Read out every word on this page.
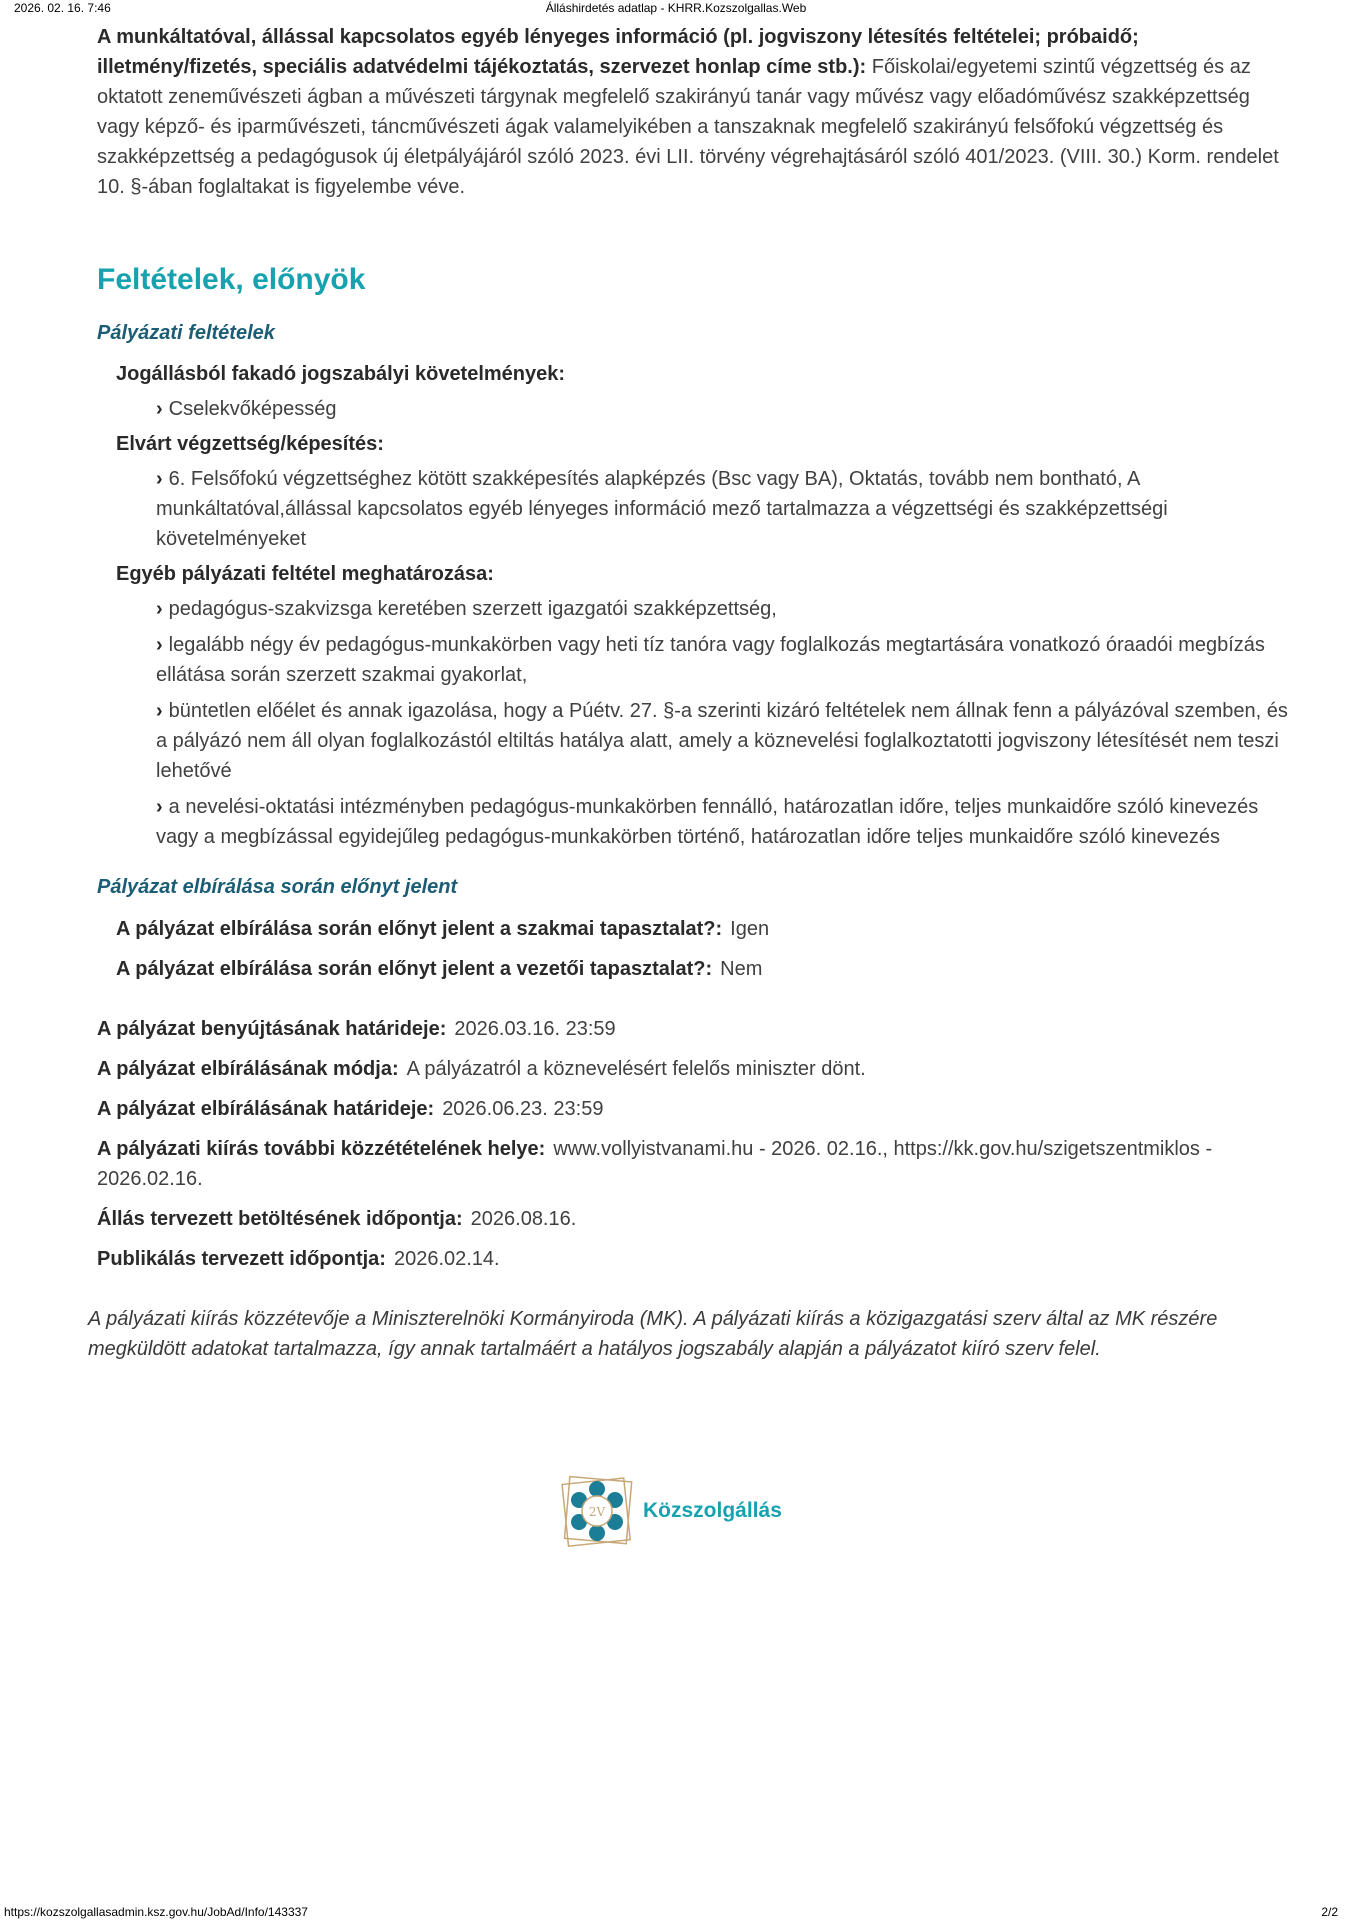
2026. 02. 16. 7:46	Álláshirdetés adatlap - KHRR.Kozszolgallas.Web

A munkáltatóval, állással kapcsolatos egyéb lényeges információ (pl. jogviszony létesítés feltételei; próbaidő; illetmény/fizetés, speciális adatvédelmi tájékoztatás, szervezet honlap címe stb.): Főiskolai/egyetemi szintű végzettség és az oktatott zeneművészeti ágban a művészeti tárgynak megfelelő szakirányú tanár vagy művész vagy előadóművész szakképzettség vagy képző- és iparművészeti, táncművészeti ágak valamelyikében a tanszaknak megfelelő szakirányú felsőfokú végzettség és szakképzettség a pedagógusok új életpályájáról szóló 2023. évi LII. törvény végrehajtásáról szóló 401/2023. (VIII. 30.) Korm. rendelet 10. §-ában foglaltakat is figyelembe véve.

Feltételek, előnyök
Pályázati feltételek
Jogállásból fakadó jogszabályi követelmények:
› Cselekvőképesség
Elvárt végzettség/képesítés:
› 6. Felsőfokú végzettséghez kötött szakképesítés alapképzés (Bsc vagy BA), Oktatás, tovább nem bontható, A munkáltatóval,állással kapcsolatos egyéb lényeges információ mező tartalmazza a végzettségi és szakképzettségi követelményeket
Egyéb pályázati feltétel meghatározása:
› pedagógus-szakvizsga keretében szerzett igazgatói szakképzettség,
› legalább négy év pedagógus-munkakörben vagy heti tíz tanóra vagy foglalkozás megtartására vonatkozó óraadói megbízás ellátása során szerzett szakmai gyakorlat,
› büntetlen előélet és annak igazolása, hogy a Púétv. 27. §-a szerinti kizáró feltételek nem állnak fenn a pályázóval szemben, és a pályázó nem áll olyan foglalkozástól eltiltás hatálya alatt, amely a köznevelési foglalkoztatotti jogviszony létesítését nem teszi lehetővé
› a nevelési-oktatási intézményben pedagógus-munkakörben fennálló, határozatlan időre, teljes munkaidőre szóló kinevezés vagy a megbízással egyidejűleg pedagógus-munkakörben történő, határozatlan időre teljes munkaidőre szóló kinevezés
Pályázat elbírálása során előnyt jelent
A pályázat elbírálása során előnyt jelent a szakmai tapasztalat?: Igen
A pályázat elbírálása során előnyt jelent a vezetői tapasztalat?: Nem
A pályázat benyújtásának határideje: 2026.03.16. 23:59
A pályázat elbírálásának módja: A pályázatról a köznevelésért felelős miniszter dönt.
A pályázat elbírálásának határideje: 2026.06.23. 23:59
A pályázati kiírás további közzétételének helye: www.vollyistvanami.hu - 2026. 02.16., https://kk.gov.hu/szigetszentmiklos - 2026.02.16.
Állás tervezett betöltésének időpontja: 2026.08.16.
Publikálás tervezett időpontja: 2026.02.14.

A pályázati kiírás közzétevője a Miniszterelnöki Kormányiroda (MK). A pályázati kiírás a közigazgatási szerv által az MK részére megküldött adatokat tartalmazza, így annak tartalmáért a hatályos jogszabály alapján a pályázatot kiíró szerv felel.

2V Közszolgállás
https://kozszolgallasadmin.ksz.gov.hu/JobAd/Info/143337	2/2
